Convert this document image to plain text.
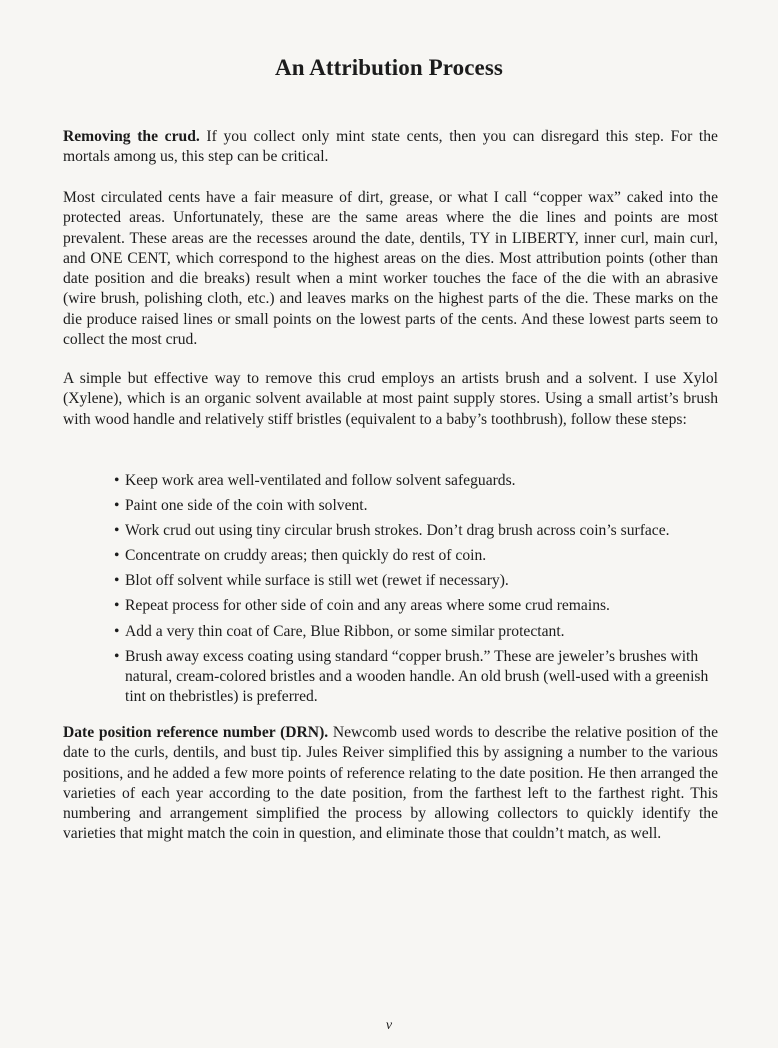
An Attribution Process

Removing the crud. If you collect only mint state cents, then you can disregard this step. For the mortals among us, this step can be critical.

Most circulated cents have a fair measure of dirt, grease, or what I call “copper wax” caked into the protected areas. Unfortunately, these are the same areas where the die lines and points are most prevalent. These areas are the recesses around the date, dentils, TY in LIBERTY, inner curl, main curl, and ONE CENT, which correspond to the highest areas on the dies. Most attribution points (other than date position and die breaks) result when a mint worker touches the face of the die with an abrasive (wire brush, polishing cloth, etc.) and leaves marks on the highest parts of the die. These marks on the die produce raised lines or small points on the lowest parts of the cents. And these lowest parts seem to collect the most crud.

A simple but effective way to remove this crud employs an artists brush and a solvent. I use Xylol (Xylene), which is an organic solvent available at most paint supply stores. Using a small artist’s brush with wood handle and relatively stiff bristles (equivalent to a baby’s toothbrush), follow these steps:

• Keep work area well-ventilated and follow solvent safeguards.
• Paint one side of the coin with solvent.
• Work crud out using tiny circular brush strokes. Don’t drag brush across coin’s surface.
• Concentrate on cruddy areas; then quickly do rest of coin.
• Blot off solvent while surface is still wet (rewet if necessary).
• Repeat process for other side of coin and any areas where some crud remains.
• Add a very thin coat of Care, Blue Ribbon, or some similar protectant.
• Brush away excess coating using standard “copper brush.” These are jeweler’s brushes with natural, cream-colored bristles and a wooden handle. An old brush (well-used with a greenish tint on thebristles) is preferred.

Date position reference number (DRN). Newcomb used words to describe the relative position of the date to the curls, dentils, and bust tip. Jules Reiver simplified this by assigning a number to the various positions, and he added a few more points of reference relating to the date position. He then arranged the varieties of each year according to the date position, from the farthest left to the farthest right. This numbering and arrangement simplified the process by allowing collectors to quickly identify the varieties that might match the coin in question, and eliminate those that couldn’t match, as well.

v
